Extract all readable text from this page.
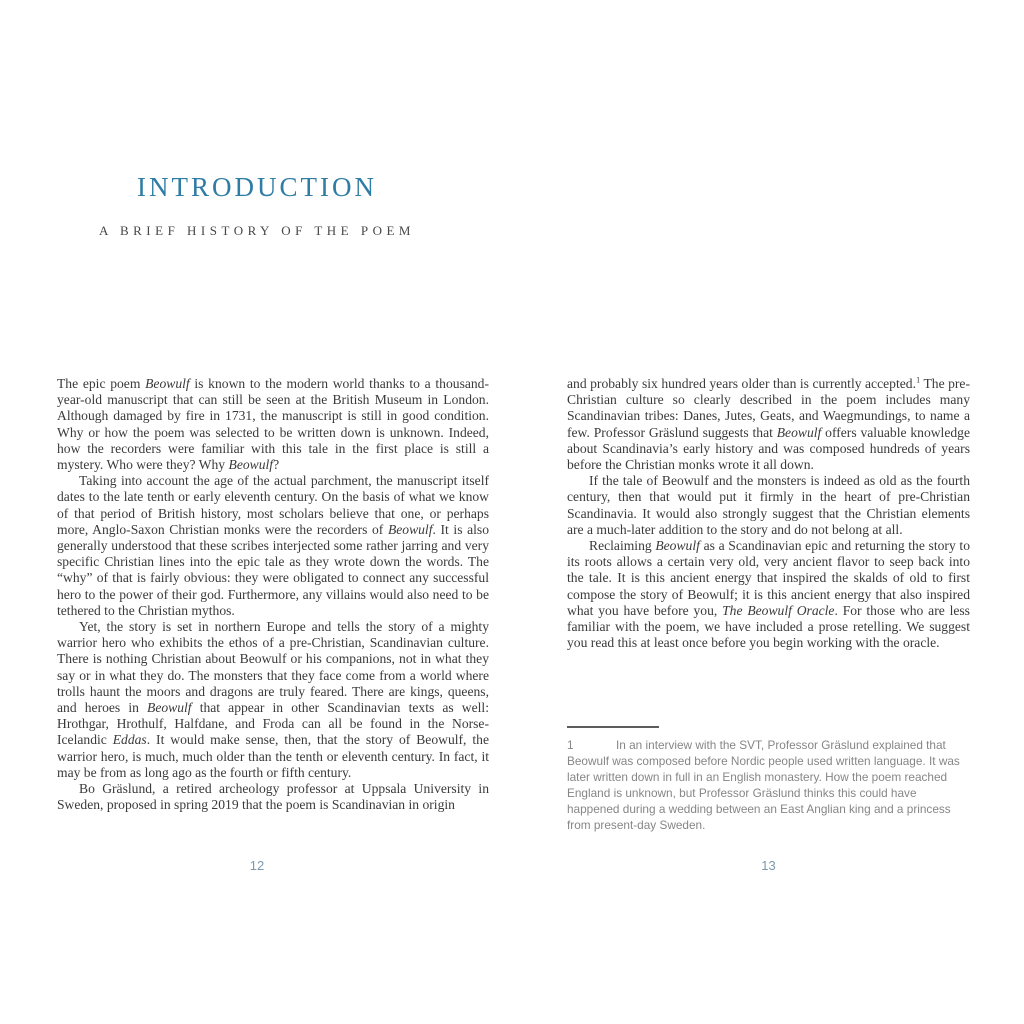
INTRODUCTION
A BRIEF HISTORY OF THE POEM

The epic poem Beowulf is known to the modern world thanks to a thousand-year-old manuscript that can still be seen at the British Museum in London. Although damaged by fire in 1731, the manuscript is still in good condition. Why or how the poem was selected to be written down is unknown. Indeed, how the recorders were familiar with this tale in the first place is still a mystery. Who were they? Why Beowulf?

Taking into account the age of the actual parchment, the manuscript itself dates to the late tenth or early eleventh century. On the basis of what we know of that period of British history, most scholars believe that one, or perhaps more, Anglo-Saxon Christian monks were the recorders of Beowulf. It is also generally understood that these scribes interjected some rather jarring and very specific Christian lines into the epic tale as they wrote down the words. The “why” of that is fairly obvious: they were obligated to connect any successful hero to the power of their god. Furthermore, any villains would also need to be tethered to the Christian mythos.

Yet, the story is set in northern Europe and tells the story of a mighty warrior hero who exhibits the ethos of a pre-Christian, Scandinavian culture. There is nothing Christian about Beowulf or his companions, not in what they say or in what they do. The monsters that they face come from a world where trolls haunt the moors and dragons are truly feared. There are kings, queens, and heroes in Beowulf that appear in other Scandinavian texts as well: Hrothgar, Hrothulf, Halfdane, and Froda can all be found in the Norse-Icelandic Eddas. It would make sense, then, that the story of Beowulf, the warrior hero, is much, much older than the tenth or eleventh century. In fact, it may be from as long ago as the fourth or fifth century.

Bo Gräslund, a retired archeology professor at Uppsala University in Sweden, proposed in spring 2019 that the poem is Scandinavian in origin

12

and probably six hundred years older than is currently accepted.$^1$ The pre-Christian culture so clearly described in the poem includes many Scandinavian tribes: Danes, Jutes, Geats, and Waegmundings, to name a few. Professor Gräslund suggests that Beowulf offers valuable knowledge about Scandinavia’s early history and was composed hundreds of years before the Christian monks wrote it all down.

If the tale of Beowulf and the monsters is indeed as old as the fourth century, then that would put it firmly in the heart of pre-Christian Scandinavia. It would also strongly suggest that the Christian elements are a much-later addition to the story and do not belong at all.

Reclaiming Beowulf as a Scandinavian epic and returning the story to its roots allows a certain very old, very ancient flavor to seep back into the tale. It is this ancient energy that inspired the skalds of old to first compose the story of Beowulf; it is this ancient energy that also inspired what you have before you, The Beowulf Oracle. For those who are less familiar with the poem, we have included a prose retelling. We suggest you read this at least once before you begin working with the oracle.

1	In an interview with the SVT, Professor Gräslund explained that Beowulf was composed before Nordic people used written language. It was later written down in full in an English monastery. How the poem reached England is unknown, but Professor Gräslund thinks this could have happened during a wedding between an East Anglian king and a princess from present-day Sweden.

13
